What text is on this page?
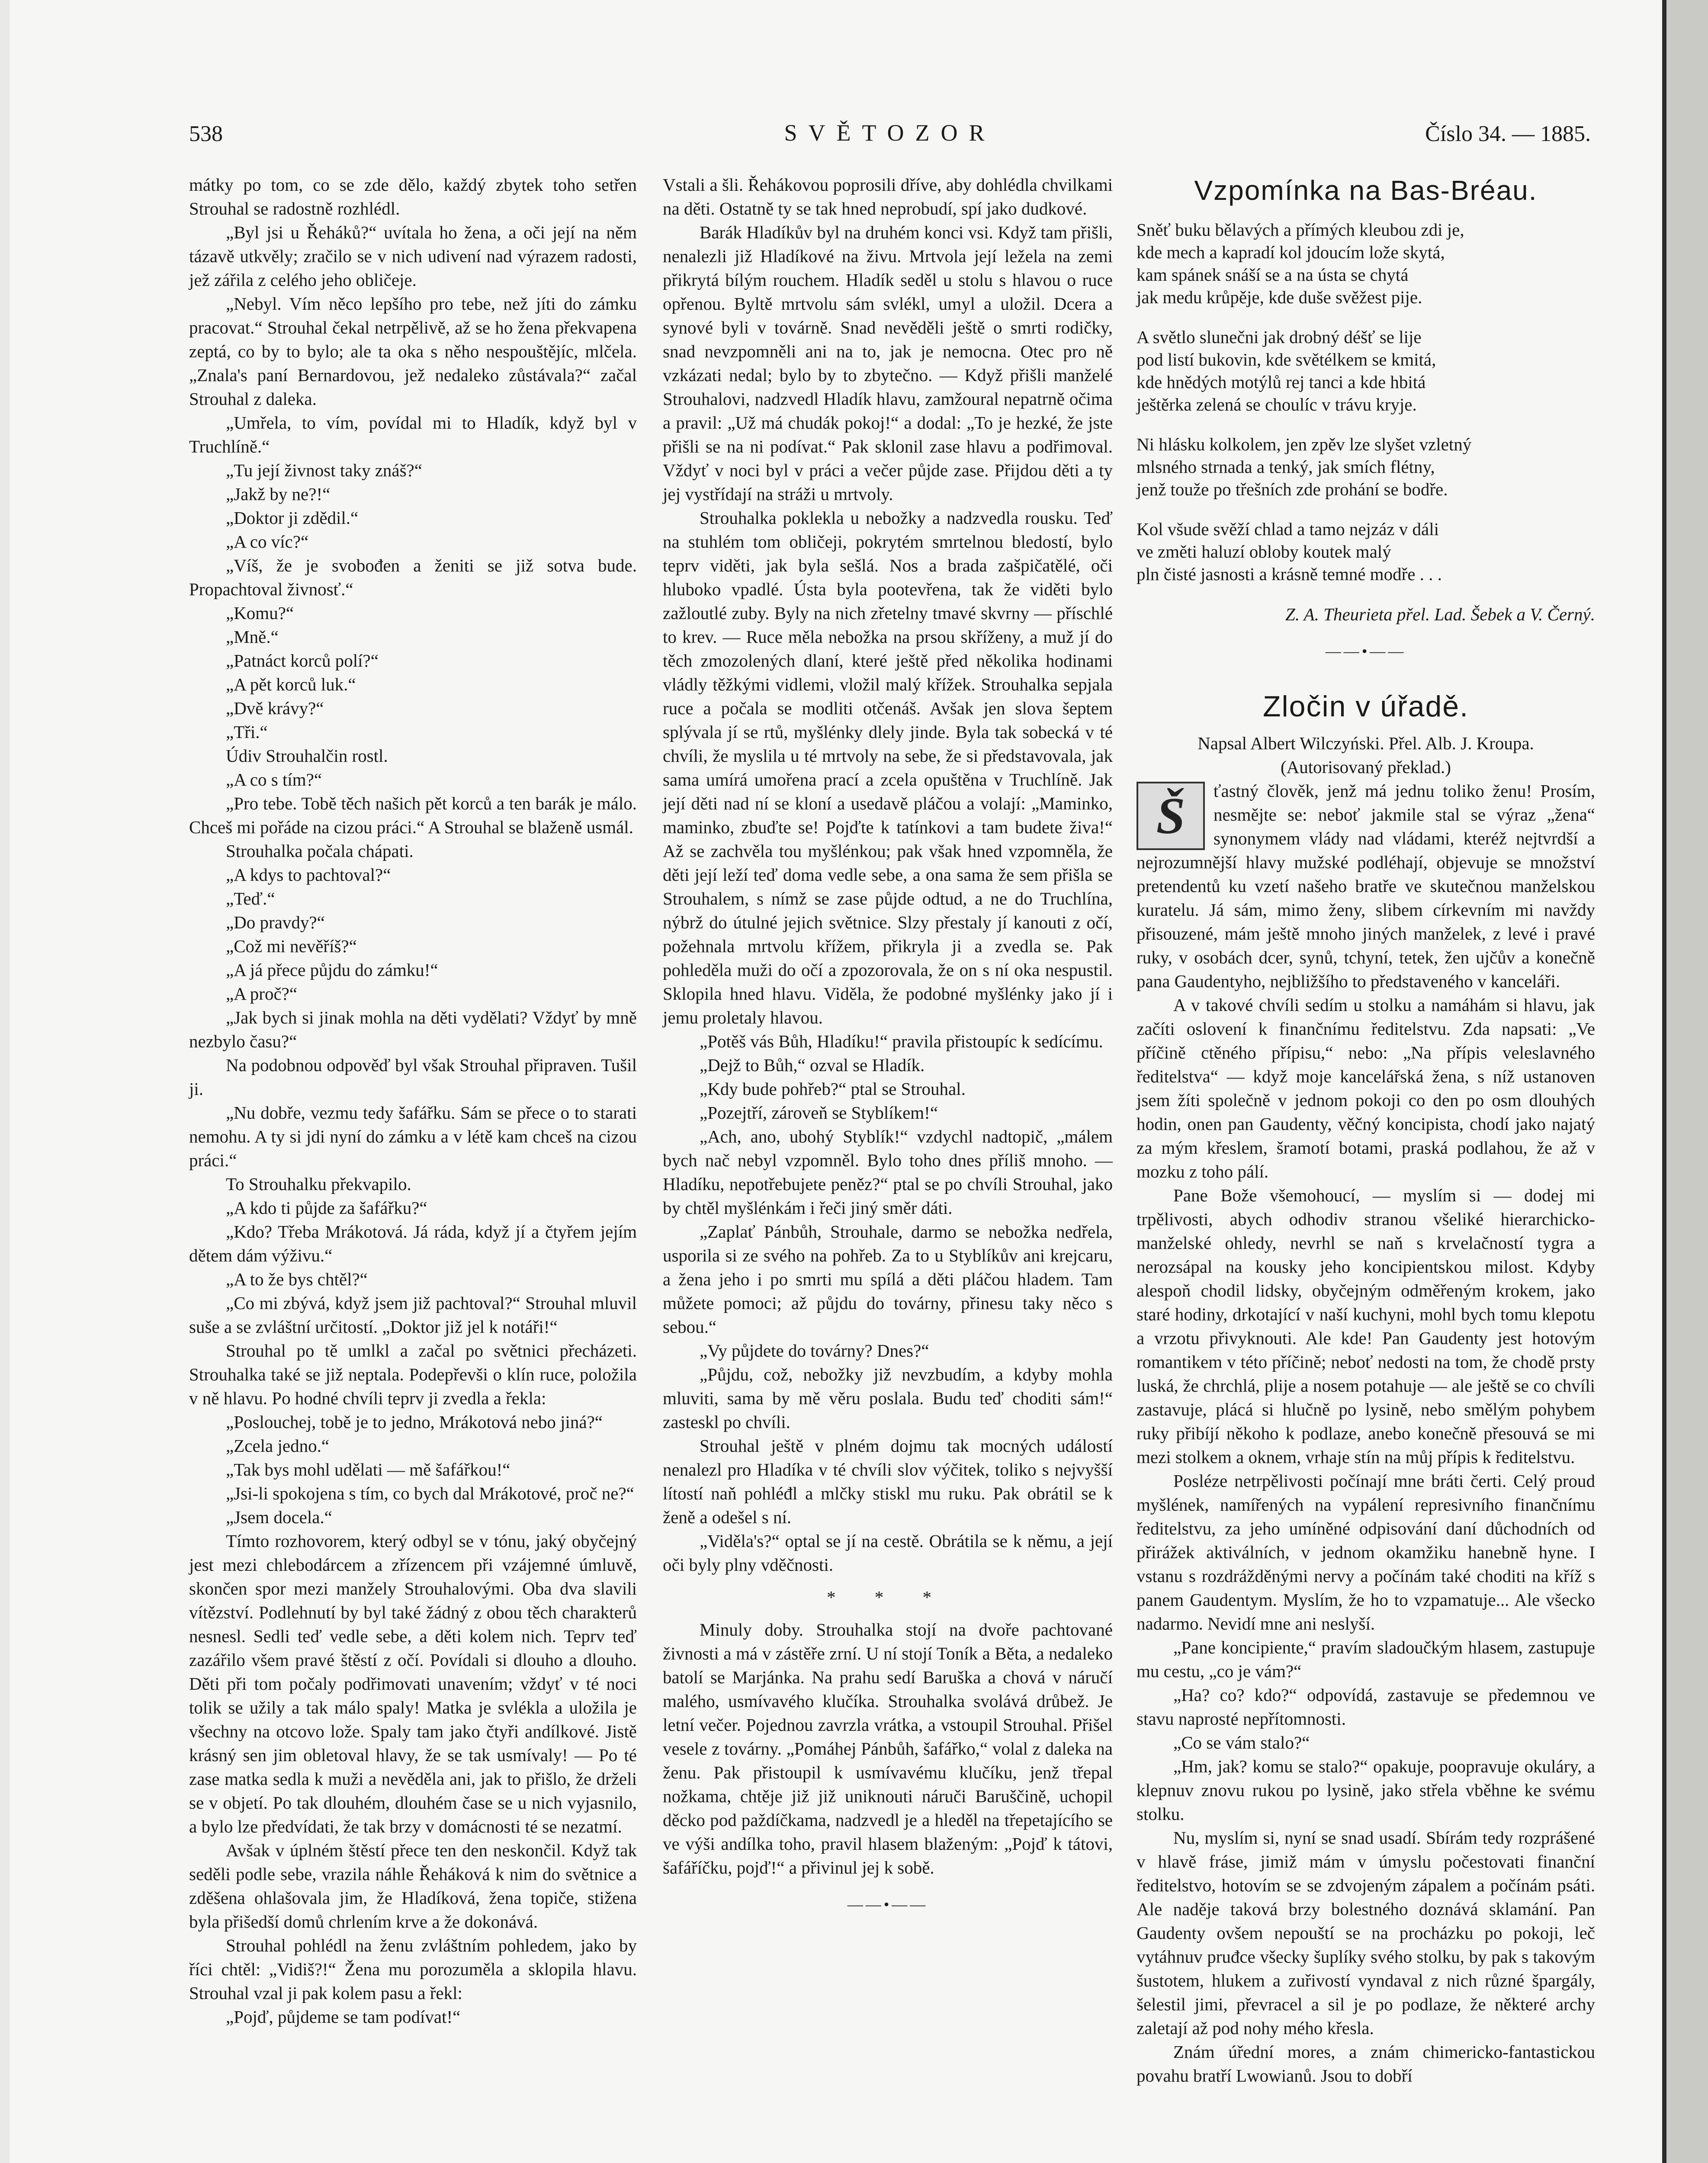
538	SVĚTOZOR	Číslo 34. — 1885.

mátky po tom, co se zde dělo, každý zbytek toho setřen Strouhal se radostně rozhlédl.

„Byl jsi u Řeháků?“ uvítala ho žena, a oči její na něm tázavě utkvěly; zračilo se v nich udivení nad výrazem radosti, jež zářila z celého jeho obličeje.

„Nebyl. Vím něco lepšího pro tebe, než jíti do zámku pracovat.“ Strouhal čekal netrpělivě, až se ho žena překvapena zeptá, co by to bylo; ale ta oka s něho nespouštějíc, mlčela. „Znala's paní Bernardovou, jež nedaleko zůstávala?“ začal Strouhal z daleka.

„Umřela, to vím, povídal mi to Hladík, když byl v Truchlíně.“

„Tu její živnost taky znáš?“

„Jakž by ne?!“

„Doktor ji zdědil.“

„A co víc?“

„Víš, že je svobođen a ženiti se již sotva bude. Propachtoval živnosť.“

„Komu?“

„Mně.“

„Patnáct korců polí?“

„A pět korců luk.“

„Dvě krávy?“

„Tři.“

Údiv Strouhalčin rostl.

„A co s tím?“

„Pro tebe. Tobě těch našich pět korců a ten barák je málo. Chceš mi pořáde na cizou práci.“ A Strouhal se blaženě usmál.

Strouhalka počala chápati.

„A kdys to pachtoval?“

„Teď.“

„Do pravdy?“

„Což mi nevěříš?“

„A já přece půjdu do zámku!“

„A proč?“

„Jak bych si jinak mohla na děti vydělati? Vždyť by mně nezbylo času?“

Na podobnou odpověď byl však Strouhal připraven. Tušil ji.

„Nu dobře, vezmu tedy šafářku. Sám se přece o to starati nemohu. A ty si jdi nyní do zámku a v létě kam chceš na cizou práci.“

To Strouhalku překvapilo.

„A kdo ti půjde za šafářku?“

„Kdo? Třeba Mrákotová. Já ráda, když jí a čtyřem jejím dětem dám výživu.“

„A to že bys chtěl?“

„Co mi zbývá, když jsem již pachtoval?“ Strouhal mluvil suše a se zvláštní určitostí. „Doktor již jel k notáři!“

Strouhal po tě umlkl a začal po světnici přecházeti. Strouhalka také se již neptala. Podepřevši o klín ruce, položila v ně hlavu. Po hodné chvíli teprv ji zvedla a řekla:

„Poslouchej, tobě je to jedno, Mrákotová nebo jiná?“

„Zcela jedno.“

„Tak bys mohl udělati — mě šafářkou!“

„Jsi-li spokojena s tím, co bych dal Mrákotové, proč ne?“

„Jsem docela.“

Tímto rozhovorem, který odbyl se v tónu, jaký obyčejný jest mezi chlebodárcem a zřízencem při vzájemné úmluvě, skončen spor mezi manžely Strouhalovými. Oba dva slavili vítězství. Podlehnutí by byl také žádný z obou těch charakterů nesnesl. Sedli teď vedle sebe, a děti kolem nich. Teprv teď zazářilo všem pravé štěstí z očí. Povídali si dlouho a dlouho. Děti při tom počaly podřimovati unavením; vždyť v té noci tolik se užily a tak málo spaly! Matka je svlékla a uložila je všechny na otcovo lože. Spaly tam jako čtyři andílkové. Jistě krásný sen jim obletoval hlavy, že se tak usmívaly! — Po té zase matka sedla k muži a nevěděla ani, jak to přišlo, že drželi se v objetí. Po tak dlouhém, dlouhém čase se u nich vyjasnilo, a bylo lze předvídati, že tak brzy v domácnosti té se nezatmí.

Avšak v úplném štěstí přece ten den neskončil. Když tak seděli podle sebe, vrazila náhle Řeháková k nim do světnice a zděšena ohlašovala jim, že Hladíková, žena topiče, stižena byla přišedší domů chrlením krve a že dokonává.

Strouhal pohlédl na ženu zvláštním pohledem, jako by říci chtěl: „Vidiš?!“ Žena mu porozuměla a sklopila hlavu. Strouhal vzal ji pak kolem pasu a řekl:

„Pojď, půjdeme se tam podívat!“

Vstali a šli. Řehákovou poprosili dříve, aby dohlédla chvilkami na děti. Ostatně ty se tak hned neprobudí, spí jako dudkové.

Barák Hladíkův byl na druhém konci vsi. Když tam přišli, nenalezli již Hladíkové na živu. Mrtvola její ležela na zemi přikrytá bílým rouchem. Hladík seděl u stolu s hlavou o ruce opřenou. Byltě mrtvolu sám svlékl, umyl a uložil. Dcera a synové byli v továrně. Snad nevěděli ještě o smrti rodičky, snad nevzpomněli ani na to, jak je nemocna. Otec pro ně vzkázati nedal; bylo by to zbytečno. — Když přišli manželé Strouhalovi, nadzvedl Hladík hlavu, zamžoural nepatrně očima a pravil: „Už má chudák pokoj!“ a dodal: „To je hezké, že jste přišli se na ni podívat.“ Pak sklonil zase hlavu a podřimoval. Vždyť v noci byl v práci a večer půjde zase. Přijdou děti a ty jej vystřídají na stráži u mrtvoly.

Strouhalka poklekla u nebožky a nadzvedla rousku. Teď na stuhlém tom obličeji, pokrytém smrtelnou bledostí, bylo teprv viděti, jak byla sešlá. Nos a brada zašpičatělé, oči hluboko vpadlé. Ústa byla pootevřena, tak že viděti bylo zažloutlé zuby. Byly na nich zřetelny tmavé skvrny — příschlé to krev. — Ruce měla nebožka na prsou skříženy, a muž jí do těch zmozolených dlaní, které ještě před několika hodinami vládly těžkými vidlemi, vložil malý křížek. Strouhalka sepjala ruce a počala se modliti otčenáš. Avšak jen slova šeptem splývala jí se rtů, myšlénky dlely jinde. Byla tak sobecká v té chvíli, že myslila u té mrtvoly na sebe, že si představovala, jak sama umírá umořena prací a zcela opuštěna v Truchlíně. Jak její děti nad ní se kloní a usedavě pláčou a volají: „Maminko, maminko, zbuďte se! Pojďte k tatínkovi a tam budete živa!“ Až se zachvěla tou myšlénkou; pak však hned vzpomněla, že děti její leží teď doma vedle sebe, a ona sama že sem přišla se Strouhalem, s nímž se zase půjde odtud, a ne do Truchlína, nýbrž do útulné jejich světnice. Slzy přestaly jí kanouti z očí, požehnala mrtvolu křížem, přikryla ji a zvedla se. Pak pohleděla muži do očí a zpozorovala, že on s ní oka nespustil. Sklopila hned hlavu. Viděla, že podobné myšlénky jako jí i jemu proletaly hlavou.

„Potěš vás Bůh, Hladíku!“ pravila přistoupíc k sedícímu.

„Dejž to Bůh,“ ozval se Hladík.

„Kdy bude pohřeb?“ ptal se Strouhal.

„Pozejtří, zároveň se Styblíkem!“

„Ach, ano, ubohý Styblík!“ vzdychl nadtopič, „málem bych nač nebyl vzpomněl. Bylo toho dnes příliš mnoho. — Hladíku, nepotřebujete peněz?“ ptal se po chvíli Strouhal, jako by chtěl myšlénkám i řeči jiný směr dáti.

„Zaplať Pánbůh, Strouhale, darmo se nebožka nedřela, usporila si ze svého na pohřeb. Za to u Styblíkův ani krejcaru, a žena jeho i po smrti mu spílá a děti pláčou hladem. Tam můžete pomoci; až půjdu do továrny, přinesu taky něco s sebou.“

„Vy půjdete do továrny? Dnes?“

„Půjdu, což, nebožky již nevzbudím, a kdyby mohla mluviti, sama by mě věru poslala. Budu teď choditi sám!“ zasteskl po chvíli.

Strouhal ještě v plném dojmu tak mocných událostí nenalezl pro Hladíka v té chvíli slov výčitek, toliko s nejvyšší lítostí naň pohléđl a mlčky stiskl mu ruku. Pak obrátil se k ženě a odešel s ní.

„Viděla's?“ optal se jí na cestě. Obrátila se k němu, a její oči byly plny vděčnosti.

* * *

Minuly doby. Strouhalka stojí na dvoře pachtované živnosti a má v zástěře zrní. U ní stojí Toník a Běta, a nedaleko batolí se Marjánka. Na prahu sedí Baruška a chová v náručí malého, usmívavého klučíka. Strouhalka svolává drůbež. Je letní večer. Pojednou zavrzla vrátka, a vstoupil Strouhal. Přišel vesele z továrny. „Pomáhej Pánbůh, šafářko,“ volal z daleka na ženu. Pak přistoupil k usmívavému klučíku, jenž třepal nožkama, chtěje již již uniknouti náruči Baruščině, uchopil děcko pod paždíčkama, nadzvedl je a hleděl na třepetajícího se ve výši andílka toho, pravil hlasem blaženým: „Pojď k tátovi, šafáříčku, pojď!“ a přivinul jej k sobě.

——•——
Vzpomínka na Bas-Bréau.
Sněť buku bělavých a přímých kleubou zdi je,
kde mech a kapradí kol jdoucím lože skytá,
kam spánek snáší se a na ústa se chytá
jak medu krůpěje, kde duše svěžest pije.
A světlo slunečni jak drobný déšť se lije
pod listí bukovin, kde světélkem se kmitá,
kde hnědých motýlů rej tanci a kde hbitá
ještěrka zelená se choulíc v trávu kryje.
Ni hlásku kolkolem, jen zpěv lze slyšet vzletný
mlsného strnada a tenký, jak smích flétny,
jenž touže po třešních zde prohání se bodře.
Kol všude svěží chlad a tamo nejzáz v dáli
ve změti haluzí obloby koutek malý
pln čisté jasnosti a krásně temné modře . . .

Z. A. Theurieta přel. Lad. Šebek a V. Černý.

——•——
Zločin v úřadě.

Napsal Albert Wilczyński. Přel. Alb. J. Kroupa.

(Autorisovaný překlad.)

Š	ťastný člověk, jenž má jednu toliko ženu! Prosím, nesmějte se: neboť jakmile stal se výraz „žena“ synonymem vlády nad vládami, kteréž nejtvrdší a nejrozumnější hlavy mužské podléhají, objevuje se množství pretendentů ku vzetí našeho bratře ve skutečnou manželskou kuratelu. Já sám, mimo ženy, slibem církevním mi navždy přisouzené, mám ještě mnoho jiných manželek, z levé i pravé ruky, v osobách dcer, synů, tchyní, tetek, žen ujčův a konečně pana Gaudentyho, nejbližšího to představeného v kanceláři.

A v takové chvíli sedím u stolku a namáhám si hlavu, jak začíti oslovení k finančnímu ředitelstvu. Zda napsati: „Ve příčině ctěného přípisu,“ nebo: „Na přípis veleslavného ředitelstva“ — když moje kancelářská žena, s níž ustanoven jsem žíti společně v jednom pokoji co den po osm dlouhých hodin, onen pan Gaudenty, věčný koncipista, chodí jako najatý za mým křeslem, šramotí botami, praská podlahou, že až v mozku z toho pálí.

Pane Bože všemohoucí, — myslím si — dodej mi trpělivosti, abych odhodiv stranou všeliké hierarchicko-manželské ohledy, nevrhl se naň s krvelačností tygra a nerozsápal na kousky jeho koncipientskou milost. Kdyby alespoň chodil lidsky, obyčejným odměřeným krokem, jako staré hodiny, drkotající v naší kuchyni, mohl bych tomu klepotu a vrzotu přivyknouti. Ale kde! Pan Gaudenty jest hotovým romantikem v této příčině; neboť nedosti na tom, že chodě prsty luská, že chrchlá, plije a nosem potahuje — ale ještě se co chvíli zastavuje, plácá si hlučně po lysině, nebo smělým pohybem ruky přibíjí někoho k podlaze, anebo konečně přesouvá se mi mezi stolkem a oknem, vrhaje stín na můj přípis k ředitelstvu.

Posléze netrpělivosti počínají mne bráti čerti. Celý proud myšlének, namířených na vypálení represivního finančnímu ředitelstvu, za jeho umíněné odpisování daní důchodních od přirážek aktiválních, v jednom okamžiku hanebně hyne. I vstanu s rozdrážděnými nervy a počínám také choditi na kříž s panem Gaudentym. Myslím, že ho to vzpamatuje... Ale všecko nadarmo. Nevidí mne ani neslyší.

„Pane koncipiente,“ pravím sladoučkým hlasem, zastupuje mu cestu, „co je vám?“

„Ha? co? kdo?“ odpovídá, zastavuje se předemnou ve stavu naprosté nepřítomnosti.

„Co se vám stalo?“

„Hm, jak? komu se stalo?“ opakuje, poopravuje okuláry, a klepnuv znovu rukou po lysině, jako střela vběhne ke svému stolku.

Nu, myslím si, nyní se snad usadí. Sbírám tedy rozprášené v hlavě fráse, jimiž mám v úmyslu počestovati finanční ředitelstvo, hotovím se se zdvojeným zápalem a počínám psáti. Ale naděje taková brzy bolestného doznává sklamání. Pan Gaudenty ovšem nepouští se na procházku po pokoji, leč vytáhnuv pruđce všecky šuplíky svého stolku, by pak s takovým šustotem, hlukem a zuřivostí vyndaval z nich různé špargály, šelestil jimi, převracel a sil je po podlaze, že některé archy zaletají až pod nohy mého křesla.

Znám úřední mores, a znám chimericko-fantastickou povahu bratří Lwowianů. Jsou to dobří
